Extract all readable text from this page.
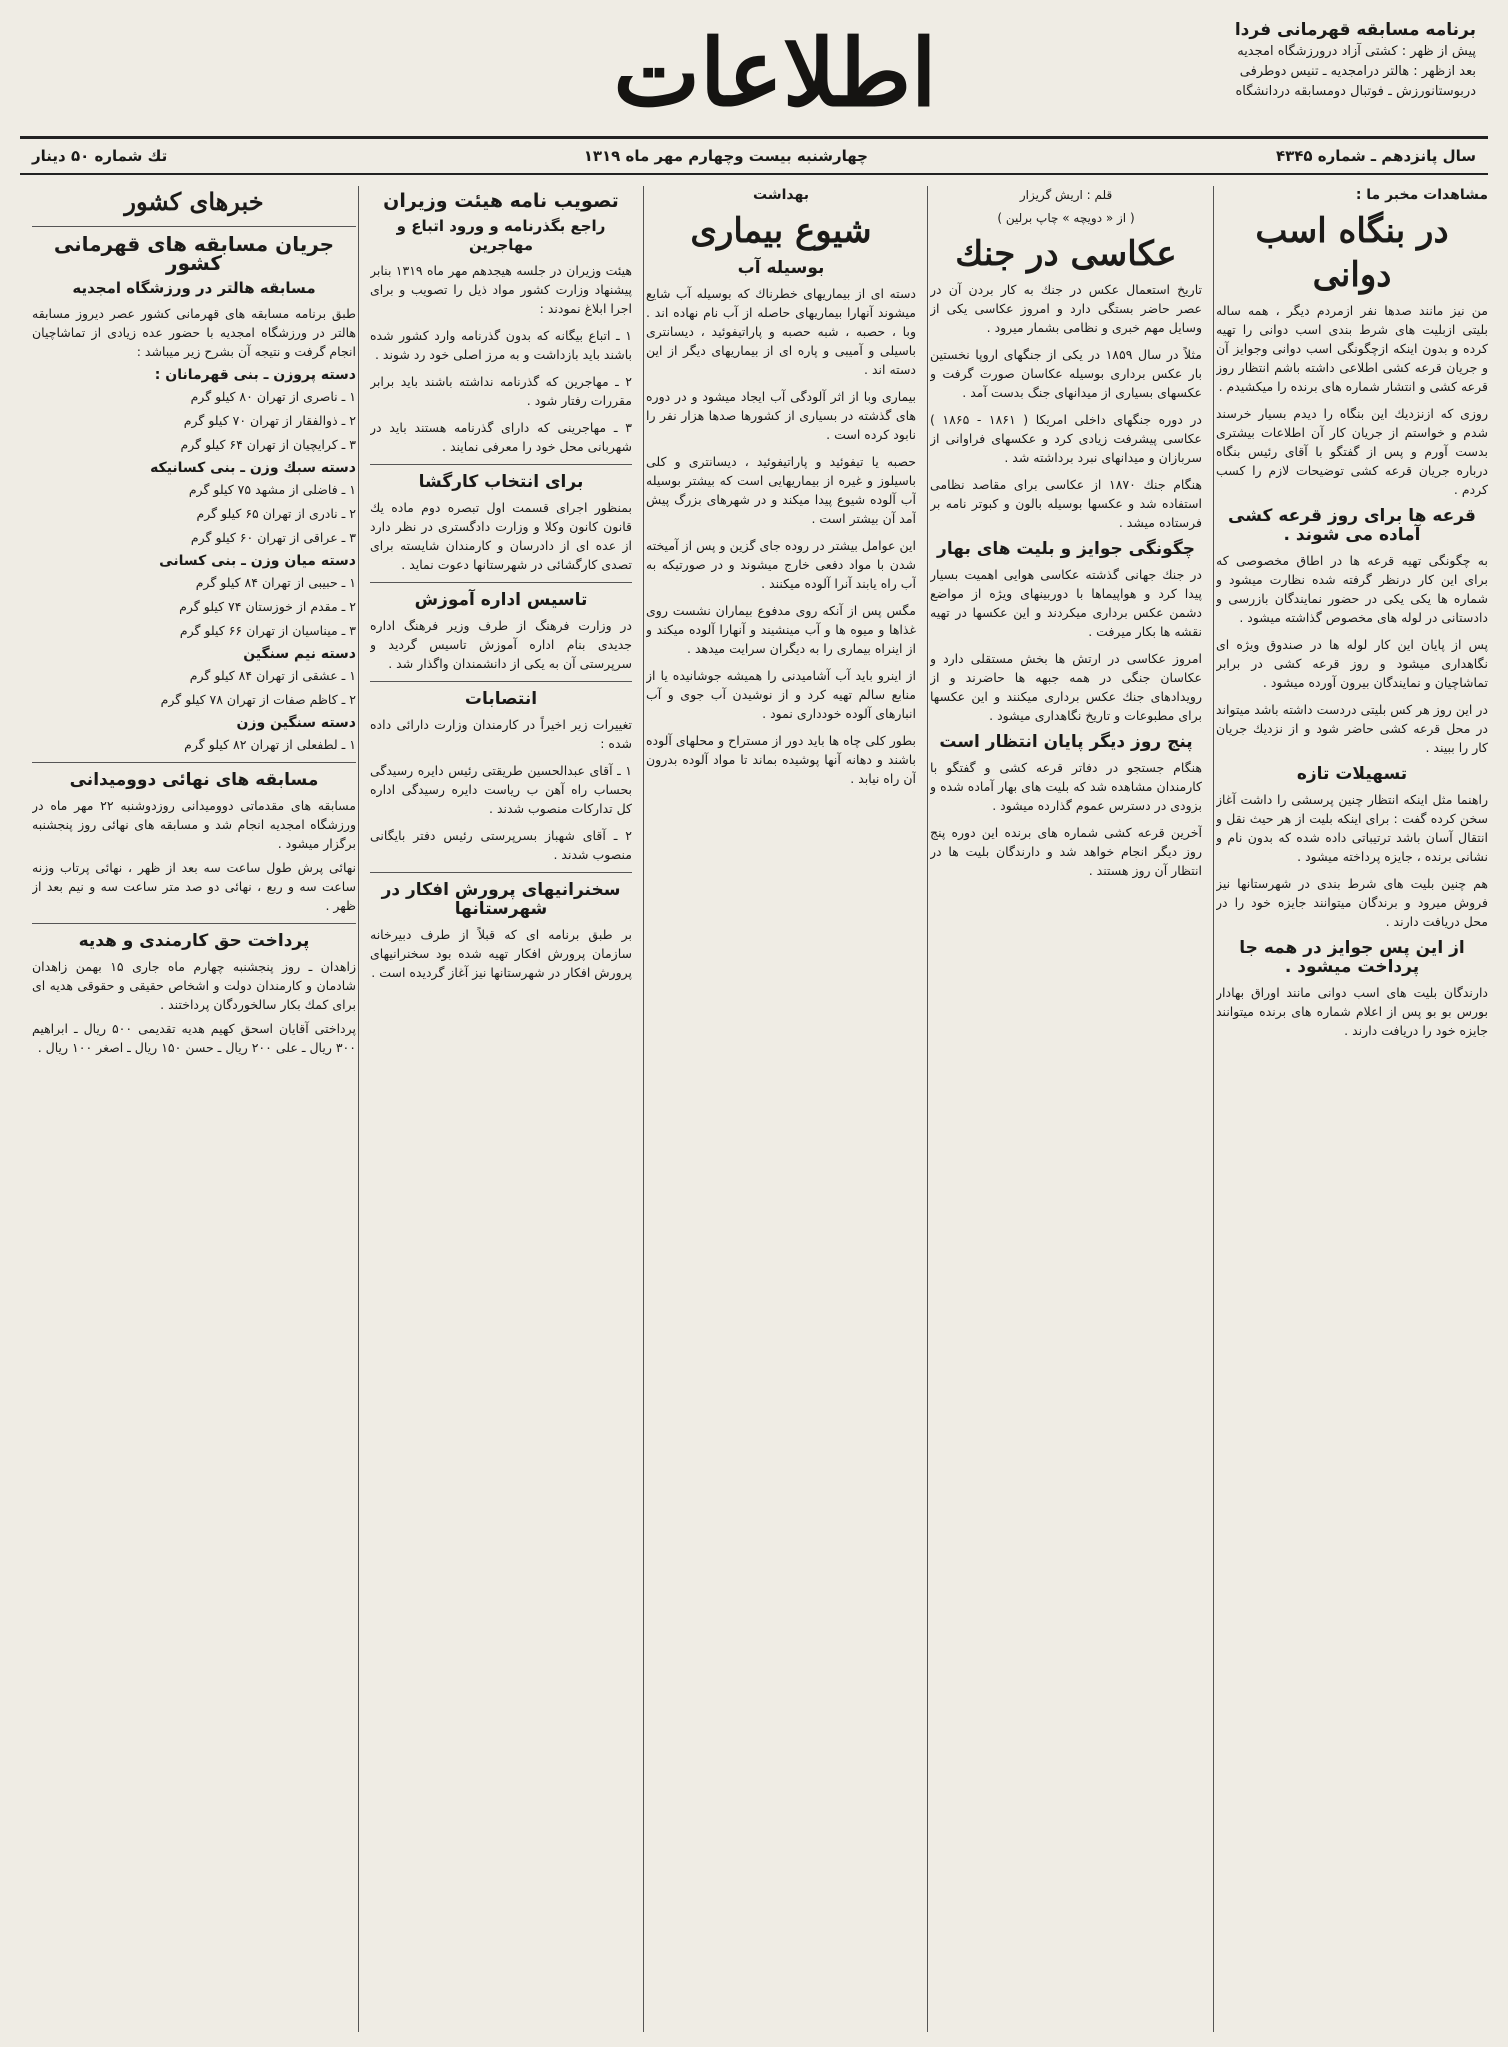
برنامه مسابقه قهرمانی فردا
پیش از ظهر : کشتی آزاد درورزشگاه امجدیه
بعد ازظهر : هالتر درامجدیه ـ تنیس دوطرفی
دربوستانورزش ـ فوتبال دومسابقه دردانشگاه
اطلاعات
سال پانزدهم ـ شماره ۴۳۴۵
چهارشنبه بیست وچهارم مهر ماه ۱۳۱۹
تك شماره ۵۰ دینار
مشاهدات مخبر ما :
در بنگاه اسب دوانی

من نیز مانند صدها نفر ازمردم دیگر ، همه ساله بلیتی ازبلیت های شرط بندی اسب دوانی را تهیه کرده و بدون اینکه ازچگونگی اسب دوانی وجوایز آن و جریان قرعه کشی اطلاعی داشته باشم انتظار روز قرعه کشی و انتشار شماره های برنده را میکشیدم .

روزی که ازنزدیك این بنگاه را دیدم بسیار خرسند شدم و خواستم از جریان کار آن اطلاعات بیشتری بدست آورم و پس از گفتگو با آقای رئیس بنگاه درباره جریان قرعه کشی توضیحات لازم را کسب کردم .

قرعه ها برای روز قرعه کشی آماده می شوند .

به چگونگی تهیه قرعه ها در اطاق مخصوصی که برای این کار درنظر گرفته شده نظارت میشود و شماره ها یکی یکی در حضور نمایندگان بازرسی و دادستانی در لوله های مخصوص گذاشته میشود .

پس از پایان این کار لوله ها در صندوق ویژه ای نگاهداری میشود و روز قرعه کشی در برابر تماشاچیان و نمایندگان بیرون آورده میشود .

در این روز هر کس بلیتی دردست داشته باشد میتواند در محل قرعه کشی حاضر شود و از نزدیك جریان کار را ببیند .

تسهیلات تازه

راهنما مثل اینکه انتظار چنین پرسشی را داشت آغاز سخن کرده گفت : برای اینکه بلیت از هر حیث نقل و انتقال آسان باشد ترتیباتی داده شده که بدون نام و نشانی برنده ، جایزه پرداخته میشود .

هم چنین بلیت های شرط بندی در شهرستانها نیز فروش میرود و برندگان میتوانند جایزه خود را در محل دریافت دارند .

از این پس جوایز در همه جا پرداخت میشود .

دارندگان بلیت های اسب دوانی مانند اوراق بهادار بورس بو بو پس از اعلام شماره های برنده میتوانند جایزه خود را دریافت دارند .

قلم : اریش گریزار
( از « دویچه » چاپ برلین )
عکاسی در جنك

تاریخ استعمال عکس در جنك به کار بردن آن در عصر حاضر بستگی دارد و امروز عکاسی یکی از وسایل مهم خبری و نظامی بشمار میرود .

مثلاً در سال ۱۸۵۹ در یکی از جنگهای اروپا نخستین بار عکس برداری بوسیله عکاسان صورت گرفت و عکسهای بسیاری از میدانهای جنگ بدست آمد .

در دوره جنگهای داخلی امریکا ( ۱۸۶۱ - ۱۸۶۵ ) عکاسی پیشرفت زیادی کرد و عکسهای فراوانی از سربازان و میدانهای نبرد برداشته شد .

هنگام جنك ۱۸۷۰ از عکاسی برای مقاصد نظامی استفاده شد و عکسها بوسیله بالون و کبوتر نامه بر فرستاده میشد .

چگونگی جوایز و بلیت های بهار

در جنك جهانی گذشته عکاسی هوایی اهمیت بسیار پیدا کرد و هواپیماها با دوربینهای ویژه از مواضع دشمن عکس برداری میکردند و این عکسها در تهیه نقشه ها بکار میرفت .

امروز عکاسی در ارتش ها بخش مستقلی دارد و عکاسان جنگی در همه جبهه ها حاضرند و از رویدادهای جنك عکس برداری میکنند و این عکسها برای مطبوعات و تاریخ نگاهداری میشود .

پنج روز دیگر پایان انتظار است

هنگام جستجو در دفاتر قرعه کشی و گفتگو با کارمندان مشاهده شد که بلیت های بهار آماده شده و بزودی در دسترس عموم گذارده میشود .

آخرین قرعه کشی شماره های برنده این دوره پنج روز دیگر انجام خواهد شد و دارندگان بلیت ها در انتظار آن روز هستند .

بهداشت
شیوع بیماری
بوسیله آب

دسته ای از بیماریهای خطرناك که بوسیله آب شایع میشوند آنهارا بیماریهای حاصله از آب نام نهاده اند . وبا ، حصبه ، شبه حصبه و پاراتیفوئید ، دیسانتری باسیلی و آمیبی و پاره ای از بیماریهای دیگر از این دسته اند .

بیماری وبا از اثر آلودگی آب ایجاد میشود و در دوره های گذشته در بسیاری از کشورها صدها هزار نفر را نابود کرده است .

حصبه یا تیفوئید و پاراتیفوئید ، دیسانتری و کلی باسیلوز و غیره از بیماریهایی است که بیشتر بوسیله آب آلوده شیوع پیدا میکند و در شهرهای بزرگ پیش آمد آن بیشتر است .

این عوامل بیشتر در روده جای گزین و پس از آمیخته شدن با مواد دفعی خارج میشوند و در صورتیکه به آب راه یابند آنرا آلوده میکنند .

مگس پس از آنکه روی مدفوع بیماران نشست روی غذاها و میوه ها و آب مینشیند و آنهارا آلوده میکند و از اینراه بیماری را به دیگران سرایت میدهد .

از اینرو باید آب آشامیدنی را همیشه جوشانیده یا از منابع سالم تهیه کرد و از نوشیدن آب جوی و آب انبارهای آلوده خودداری نمود .

بطور کلی چاه ها باید دور از مستراح و محلهای آلوده باشند و دهانه آنها پوشیده بماند تا مواد آلوده بدرون آن راه نیابد .

تصویب نامه هیئت وزیران
راجع بگذرنامه و ورود اتباع و مهاجرین

هیئت وزیران در جلسه هیجدهم مهر ماه ۱۳۱۹ بنابر پیشنهاد وزارت کشور مواد ذیل را تصویب و برای اجرا ابلاغ نمودند :

۱ ـ اتباع بیگانه که بدون گذرنامه وارد کشور شده باشند باید بازداشت و به مرز اصلی خود رد شوند .

۲ ـ مهاجرین که گذرنامه نداشته باشند باید برابر مقررات رفتار شود .

۳ ـ مهاجرینی که دارای گذرنامه هستند باید در شهربانی محل خود را معرفی نمایند .

برای انتخاب کارگشا

بمنظور اجرای قسمت اول تبصره دوم ماده یك قانون کانون وکلا و وزارت دادگستری در نظر دارد از عده ای از دادرسان و کارمندان شایسته برای تصدی کارگشائی در شهرستانها دعوت نماید .

تاسیس اداره آموزش

در وزارت فرهنگ از طرف وزیر فرهنگ اداره جدیدی بنام اداره آموزش تاسیس گردید و سرپرستی آن به یکی از دانشمندان واگذار شد .

انتصابات

تغییرات زیر اخیراً در کارمندان وزارت دارائی داده شده :

۱ ـ آقای عبدالحسین طریقتی رئیس دایره رسیدگی بحساب راه آهن ب ریاست دایره رسیدگی اداره کل تدارکات منصوب شدند .

۲ ـ آقای شهباز بسرپرستی رئیس دفتر بایگانی منصوب شدند .

سخنرانیهای پرورش افکار در شهرستانها

بر طبق برنامه ای که قبلاً از طرف دبیرخانه سازمان پرورش افکار تهیه شده بود سخنرانیهای پرورش افکار در شهرستانها نیز آغاز گردیده است .

خبرهای کشور
جریان مسابقه های قهرمانی کشور
مسابقه هالتر در ورزشگاه امجدیه

طبق برنامه مسابقه های قهرمانی کشور عصر دیروز مسابقه هالتر در ورزشگاه امجدیه با حضور عده زیادی از تماشاچیان انجام گرفت و نتیجه آن بشرح زیر میباشد :

دسته پروزن ـ بنی قهرمانان :

۱ ـ ناصری از تهران ۸۰ کیلو گرم

۲ ـ ذوالفقار از تهران ۷۰ کیلو گرم

۳ ـ کرایچیان از تهران ۶۴ کیلو گرم

دسته سبك وزن ـ بنی کسانیکه

۱ ـ فاضلی از مشهد ۷۵ کیلو گرم

۲ ـ نادری از تهران ۶۵ کیلو گرم

۳ ـ عراقی از تهران ۶۰ کیلو گرم

دسته میان وزن ـ بنی کسانی

۱ ـ حبیبی از تهران ۸۴ کیلو گرم

۲ ـ مقدم از خوزستان ۷۴ کیلو گرم

۳ ـ میناسیان از تهران ۶۶ کیلو گرم

دسته نیم سنگین

۱ ـ عشقی از تهران ۸۴ کیلو گرم

۲ ـ کاظم صفات از تهران ۷۸ کیلو گرم

دسته سنگین وزن

۱ ـ لطفعلی از تهران ۸۲ کیلو گرم

مسابقه های نهائی دوومیدانی

مسابقه های مقدماتی دوومیدانی روزدوشنبه ۲۲ مهر ماه در ورزشگاه امجدیه انجام شد و مسابقه های نهائی روز پنجشنبه برگزار میشود .

نهائی پرش طول ساعت سه بعد از ظهر ، نهائی پرتاب وزنه ساعت سه و ربع ، نهائی دو صد متر ساعت سه و نیم بعد از ظهر .

پرداخت حق کارمندی و هدیه

زاهدان ـ روز پنجشنبه چهارم ماه جاری ۱۵ بهمن زاهدان شادمان و کارمندان دولت و اشخاص حقیقی و حقوقی هدیه ای برای کمك بکار سالخوردگان پرداختند .

پرداختی آقایان اسحق کهیم هدیه تقدیمی ۵۰۰ ریال ـ ابراهیم ۳۰۰ ریال ـ علی ۲۰۰ ریال ـ حسن ۱۵۰ ریال ـ اصغر ۱۰۰ ریال .
